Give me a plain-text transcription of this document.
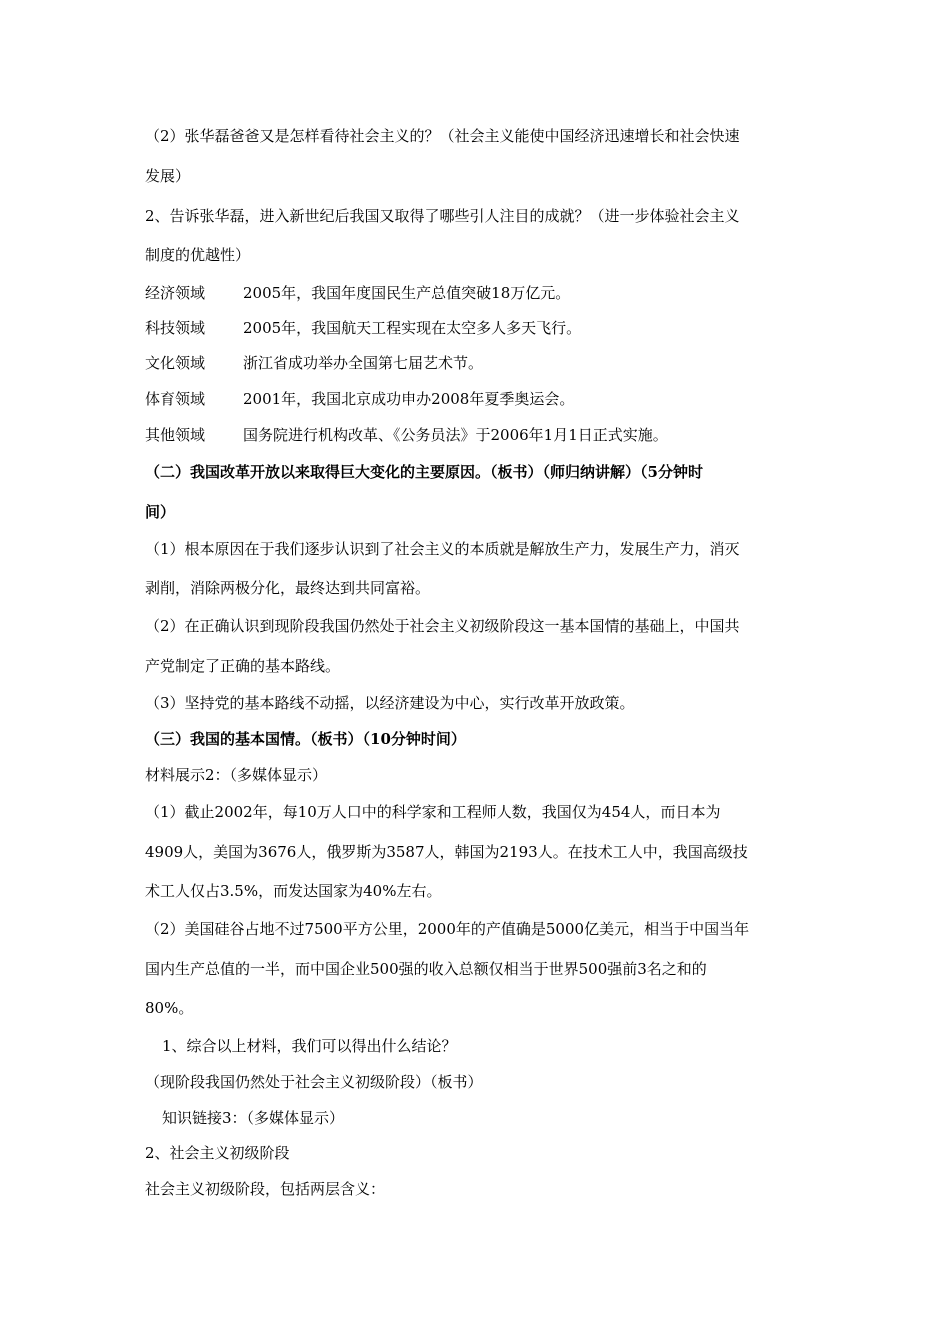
（2）张华磊爸爸又是怎样看待社会主义的？（社会主义能使中国经济迅速增长和社会快速
发展）
2、告诉张华磊，进入新世纪后我国又取得了哪些引人注目的成就？（进一步体验社会主义
制度的优越性）
经济领域	2005年，我国年度国民生产总值突破18万亿元。
科技领域	2005年，我国航天工程实现在太空多人多天飞行。
文化领域	浙江省成功举办全国第七届艺术节。
体育领域	2001年，我国北京成功申办2008年夏季奥运会。
其他领域	国务院进行机构改革、《公务员法》于2006年1月1日正式实施。
（二）我国改革开放以来取得巨大变化的主要原因。（板书）（师归纳讲解）（5分钟时
间）
（1）根本原因在于我们逐步认识到了社会主义的本质就是解放生产力，发展生产力，消灭
剥削，消除两极分化，最终达到共同富裕。
（2）在正确认识到现阶段我国仍然处于社会主义初级阶段这一基本国情的基础上，中国共
产党制定了正确的基本路线。
（3）坚持党的基本路线不动摇，以经济建设为中心，实行改革开放政策。
（三）我国的基本国情。（板书）（10分钟时间）
材料展示2：（多媒体显示）
（1）截止2002年，每10万人口中的科学家和工程师人数，我国仅为454人，而日本为
4909人，美国为3676人，俄罗斯为3587人，韩国为2193人。在技术工人中，我国高级技
术工人仅占3.5%，而发达国家为40%左右。
（2）美国硅谷占地不过7500平方公里，2000年的产值确是5000亿美元，相当于中国当年
国内生产总值的一半，而中国企业500强的收入总额仅相当于世界500强前3名之和的
80%。
1、综合以上材料，我们可以得出什么结论？
（现阶段我国仍然处于社会主义初级阶段）（板书）
知识链接3：（多媒体显示）
2、社会主义初级阶段
社会主义初级阶段，包括两层含义：
